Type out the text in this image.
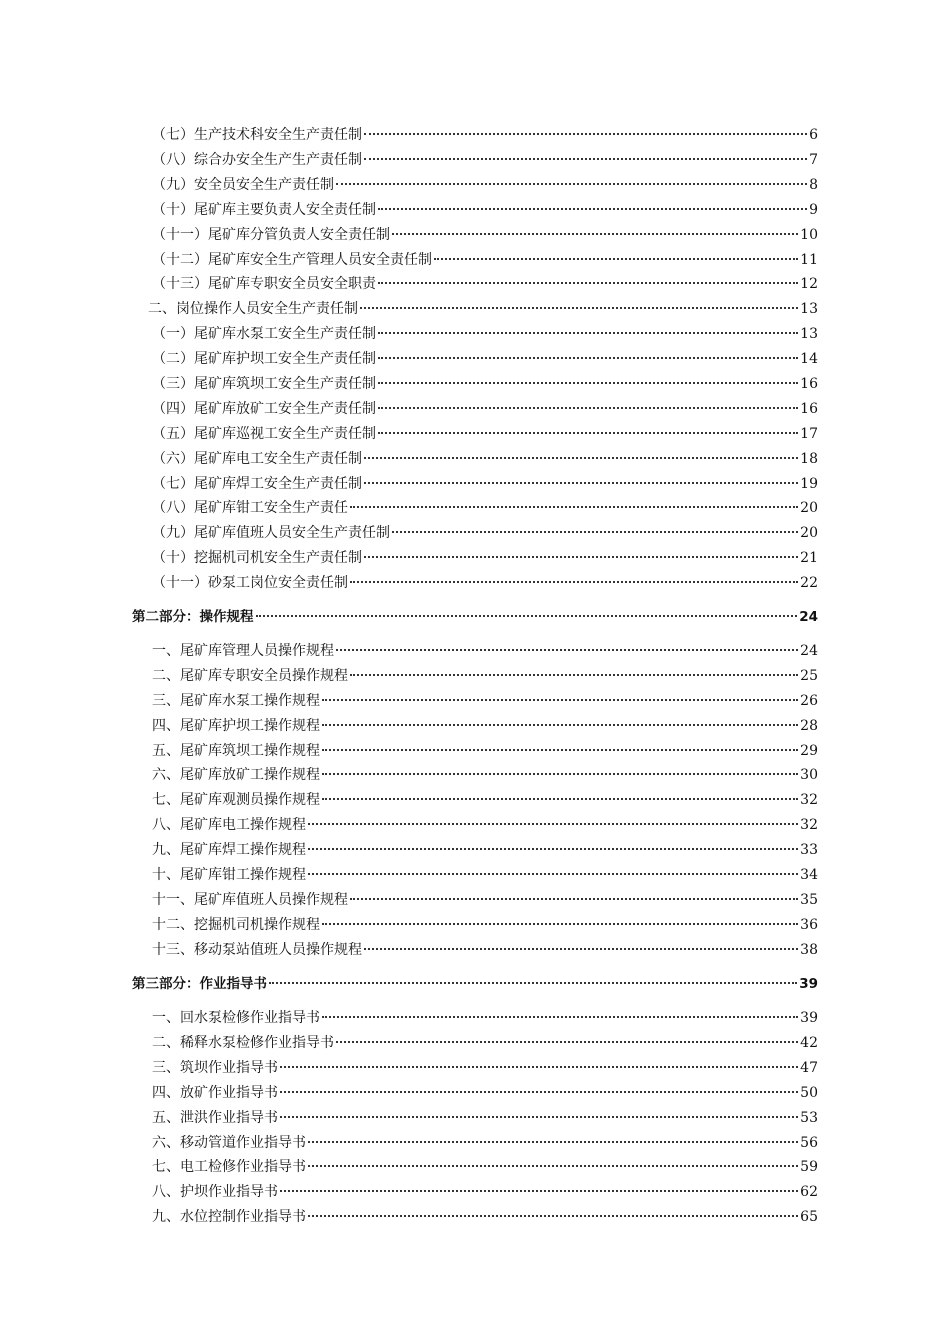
（七）生产技术科安全生产责任制	6
（八）综合办安全生产生产责任制	7
（九）安全员安全生产责任制	8
（十）尾矿库主要负责人安全责任制	9
（十一）尾矿库分管负责人安全责任制	10
（十二）尾矿库安全生产管理人员安全责任制	11
（十三）尾矿库专职安全员安全职责	12
二、岗位操作人员安全生产责任制	13
（一）尾矿库水泵工安全生产责任制	13
（二）尾矿库护坝工安全生产责任制	14
（三）尾矿库筑坝工安全生产责任制	16
（四）尾矿库放矿工安全生产责任制	16
（五）尾矿库巡视工安全生产责任制	17
（六）尾矿库电工安全生产责任制	18
（七）尾矿库焊工安全生产责任制	19
（八）尾矿库钳工安全生产责任	20
（九）尾矿库值班人员安全生产责任制	20
（十）挖掘机司机安全生产责任制	21
（十一）砂泵工岗位安全责任制	22
第二部分：操作规程	24
一、尾矿库管理人员操作规程	24
二、尾矿库专职安全员操作规程	25
三、尾矿库水泵工操作规程	26
四、尾矿库护坝工操作规程	28
五、尾矿库筑坝工操作规程	29
六、尾矿库放矿工操作规程	30
七、尾矿库观测员操作规程	32
八、尾矿库电工操作规程	32
九、尾矿库焊工操作规程	33
十、尾矿库钳工操作规程	34
十一、尾矿库值班人员操作规程	35
十二、挖掘机司机操作规程	36
十三、移动泵站值班人员操作规程	38
第三部分：作业指导书	39
一、回水泵检修作业指导书	39
二、稀释水泵检修作业指导书	42
三、筑坝作业指导书	47
四、放矿作业指导书	50
五、泄洪作业指导书	53
六、移动管道作业指导书	56
七、电工检修作业指导书	59
八、护坝作业指导书	62
九、水位控制作业指导书	65
